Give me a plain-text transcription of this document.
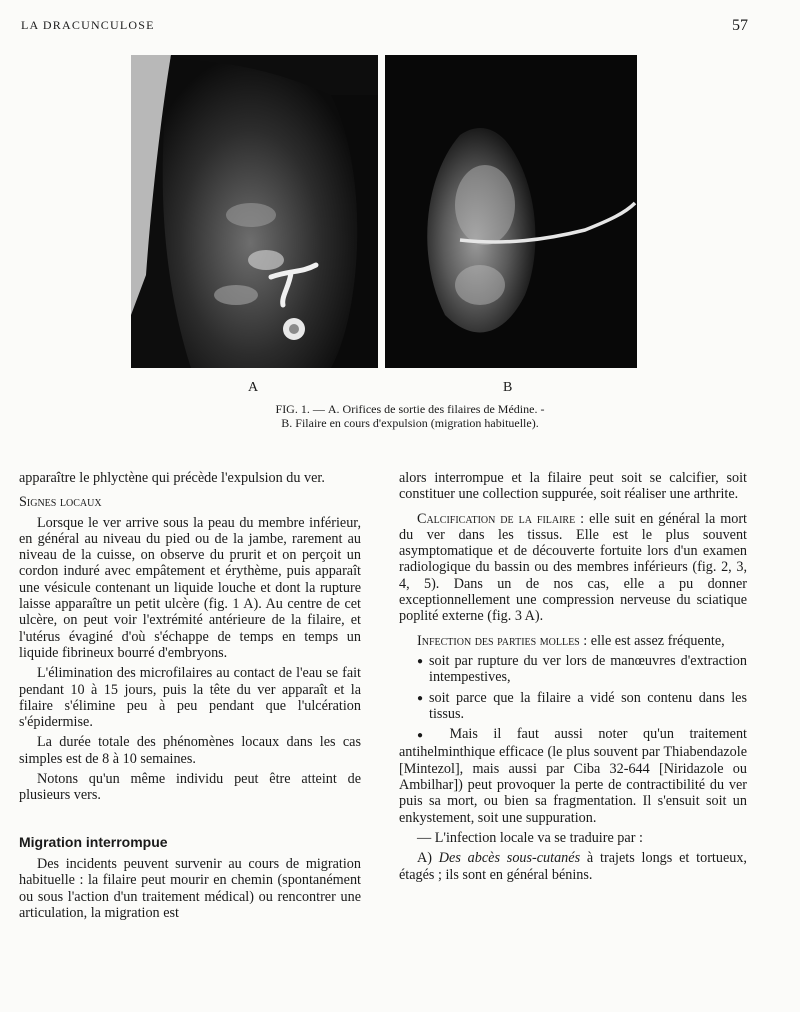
LA DRACUNCULOSE	57
A	B
FIG. 1. — A. Orifices de sortie des filaires de Médine. -
B. Filaire en cours d'expulsion (migration habituelle).

apparaître le phlyctène qui précède l'expulsion du ver.

Signes locaux

Lorsque le ver arrive sous la peau du membre inférieur, en général au niveau du pied ou de la jambe, rarement au niveau de la cuisse, on observe du prurit et on perçoit un cordon induré avec empâtement et érythème, puis apparaît une vésicule contenant un liquide louche et dont la rupture laisse apparaître un petit ulcère (fig. 1 A). Au centre de cet ulcère, on peut voir l'extrémité antérieure de la filaire, et l'utérus évaginé d'où s'échappe de temps en temps un liquide fibrineux bourré d'embryons.

L'élimination des microfilaires au contact de l'eau se fait pendant 10 à 15 jours, puis la tête du ver apparaît et la filaire s'élimine peu à peu pendant que l'ulcération s'épidermise.

La durée totale des phénomènes locaux dans les cas simples est de 8 à 10 semaines.

Notons qu'un même individu peut être atteint de plusieurs vers.

Migration interrompue

Des incidents peuvent survenir au cours de migration habituelle : la filaire peut mourir en chemin (spontanément ou sous l'action d'un traitement médical) ou rencontrer une articulation, la migration est

alors interrompue et la filaire peut soit se calcifier, soit constituer une collection suppurée, soit réaliser une arthrite.

Calcification de la filaire : elle suit en général la mort du ver dans les tissus. Elle est le plus souvent asymptomatique et de découverte fortuite lors d'un examen radiologique du bassin ou des membres inférieurs (fig. 2, 3, 4, 5). Dans un de nos cas, elle a pu donner exceptionnellement une compression nerveuse du sciatique poplité externe (fig. 3 A).

Infection des parties molles : elle est assez fréquente,

● soit par rupture du ver lors de manœuvres d'extraction intempestives,

● soit parce que la filaire a vidé son contenu dans les tissus.

● Mais il faut aussi noter qu'un traitement antihelminthique efficace (le plus souvent par Thiabendazole [Mintezol], mais aussi par Ciba 32-644 [Niridazole ou Ambilhar]) peut provoquer la perte de contractibilité du ver puis sa mort, ou bien sa fragmentation. Il s'ensuit soit un enkystement, soit une suppuration.

— L'infection locale va se traduire par :

A) Des abcès sous-cutanés à trajets longs et tortueux, étagés ; ils sont en général bénins.
